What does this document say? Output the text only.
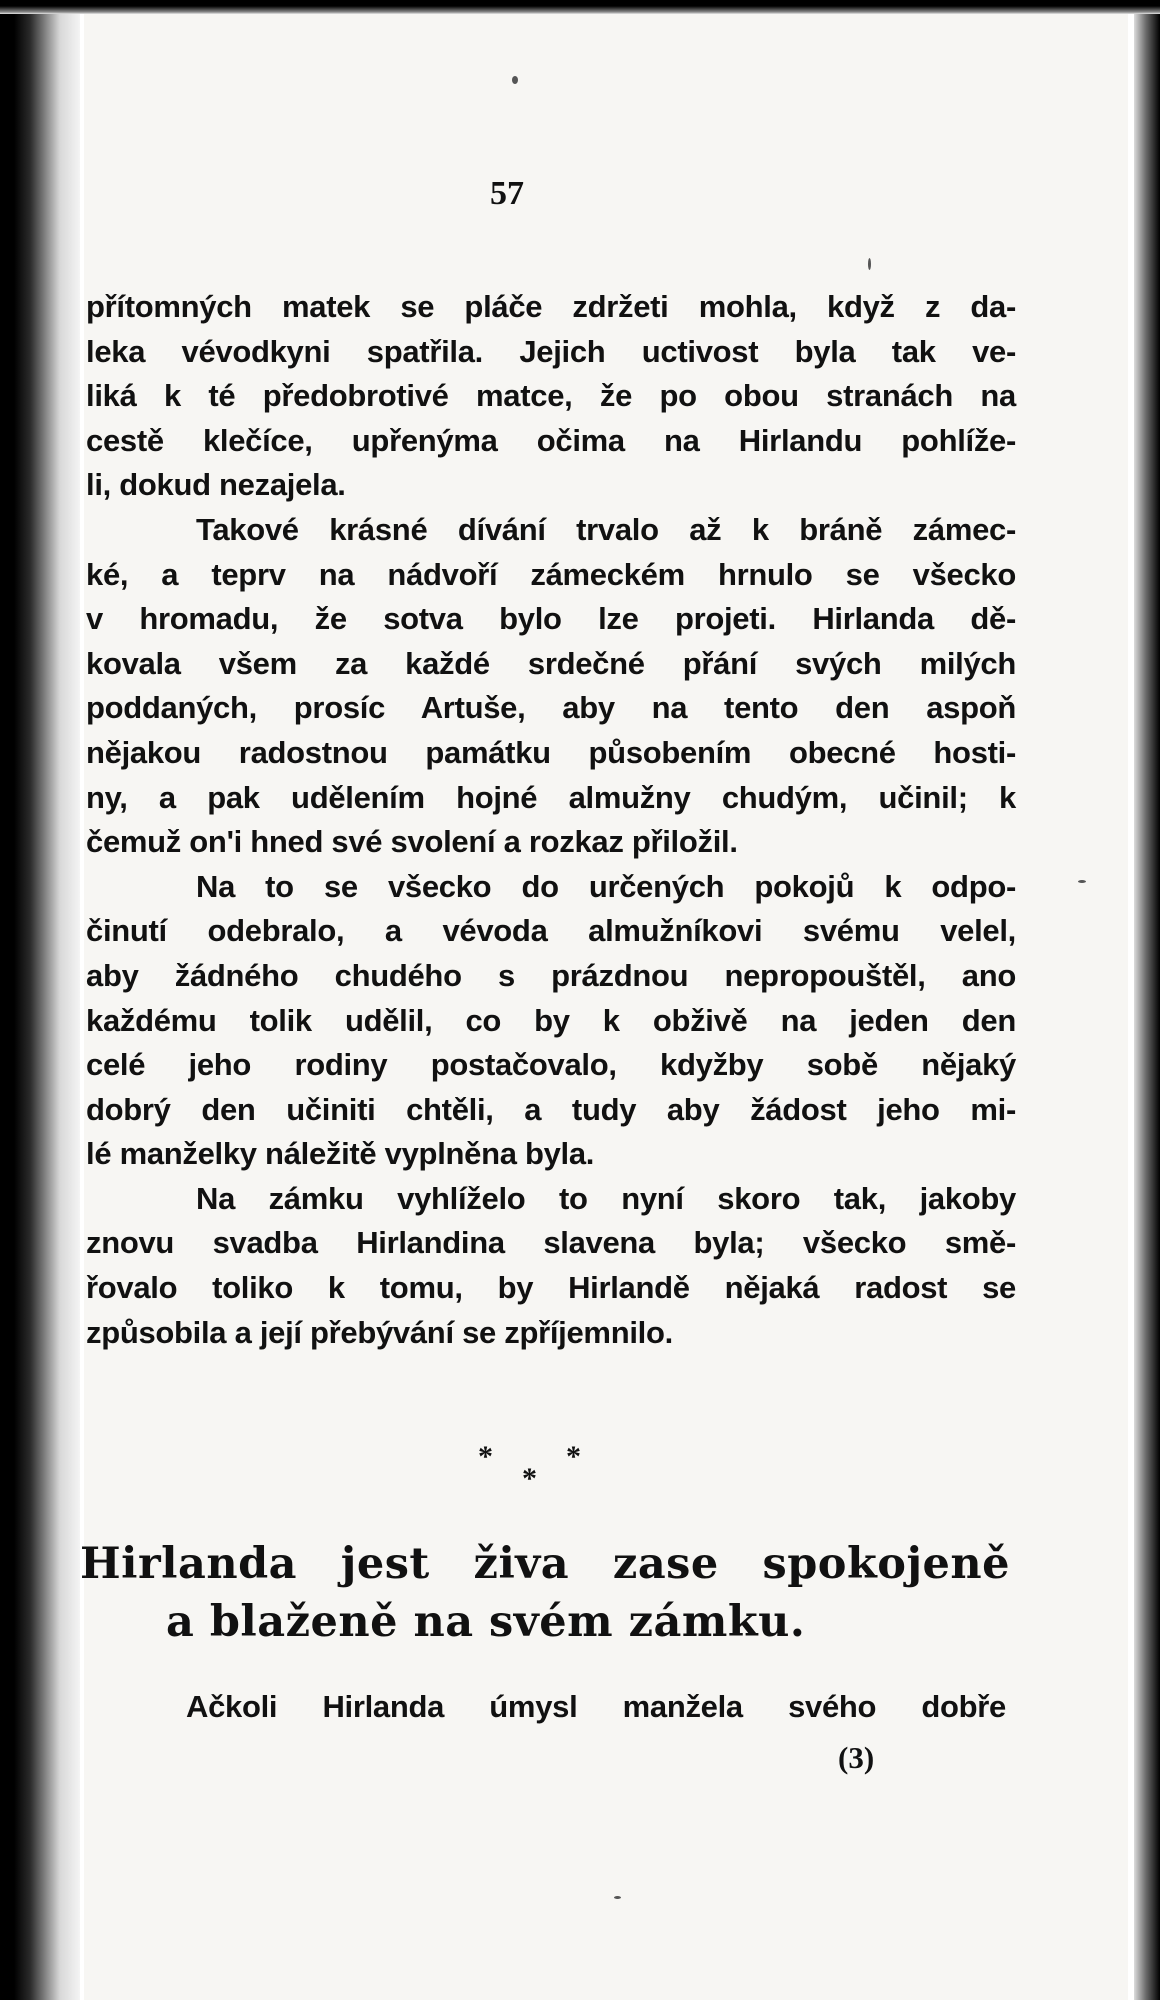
57
přítomných matek se pláče zdržeti mohla, když z da-
leka vévodkyni spatřila. Jejich uctivost byla tak ve-
liká k té předobrotivé matce, že po obou stranách na
cestě klečíce, upřenýma očima na Hirlandu pohlíže-
li, dokud nezajela.
Takové krásné dívání trvalo až k bráně zámec-
ké, a teprv na nádvoří zámeckém hrnulo se všecko
v hromadu, že sotva bylo lze projeti. Hirlanda dě-
kovala všem za každé srdečné přání svých milých
poddaných, prosíc Artuše, aby na tento den aspoň
nějakou radostnou památku působením obecné hosti-
ny, a pak udělením hojné almužny chudým, učinil; k
čemuž on'i hned své svolení a rozkaz přiložil.
Na to se všecko do určených pokojů k odpo-
činutí odebralo, a vévoda almužníkovi svému velel,
aby žádného chudého s prázdnou nepropouštěl, ano
každému tolik udělil, co by k obživě na jeden den
celé jeho rodiny postačovalo, kdyžby sobě nějaký
dobrý den učiniti chtěli, a tudy aby žádost jeho mi-
lé manželky náležitě vyplněna byla.
Na zámku vyhlíželo to nyní skoro tak, jakoby
znovu svadba Hirlandina slavena byla; všecko smě-
řovalo toliko k tomu, by Hirlandě nějaká radost se
způsobila a její přebývání se zpříjemnilo.
*
*
*
Hirlanda jest živa zase spokojeně
a blaženě na svém zámku.
Ačkoli Hirlanda úmysl manžela svého dobře
(3)
